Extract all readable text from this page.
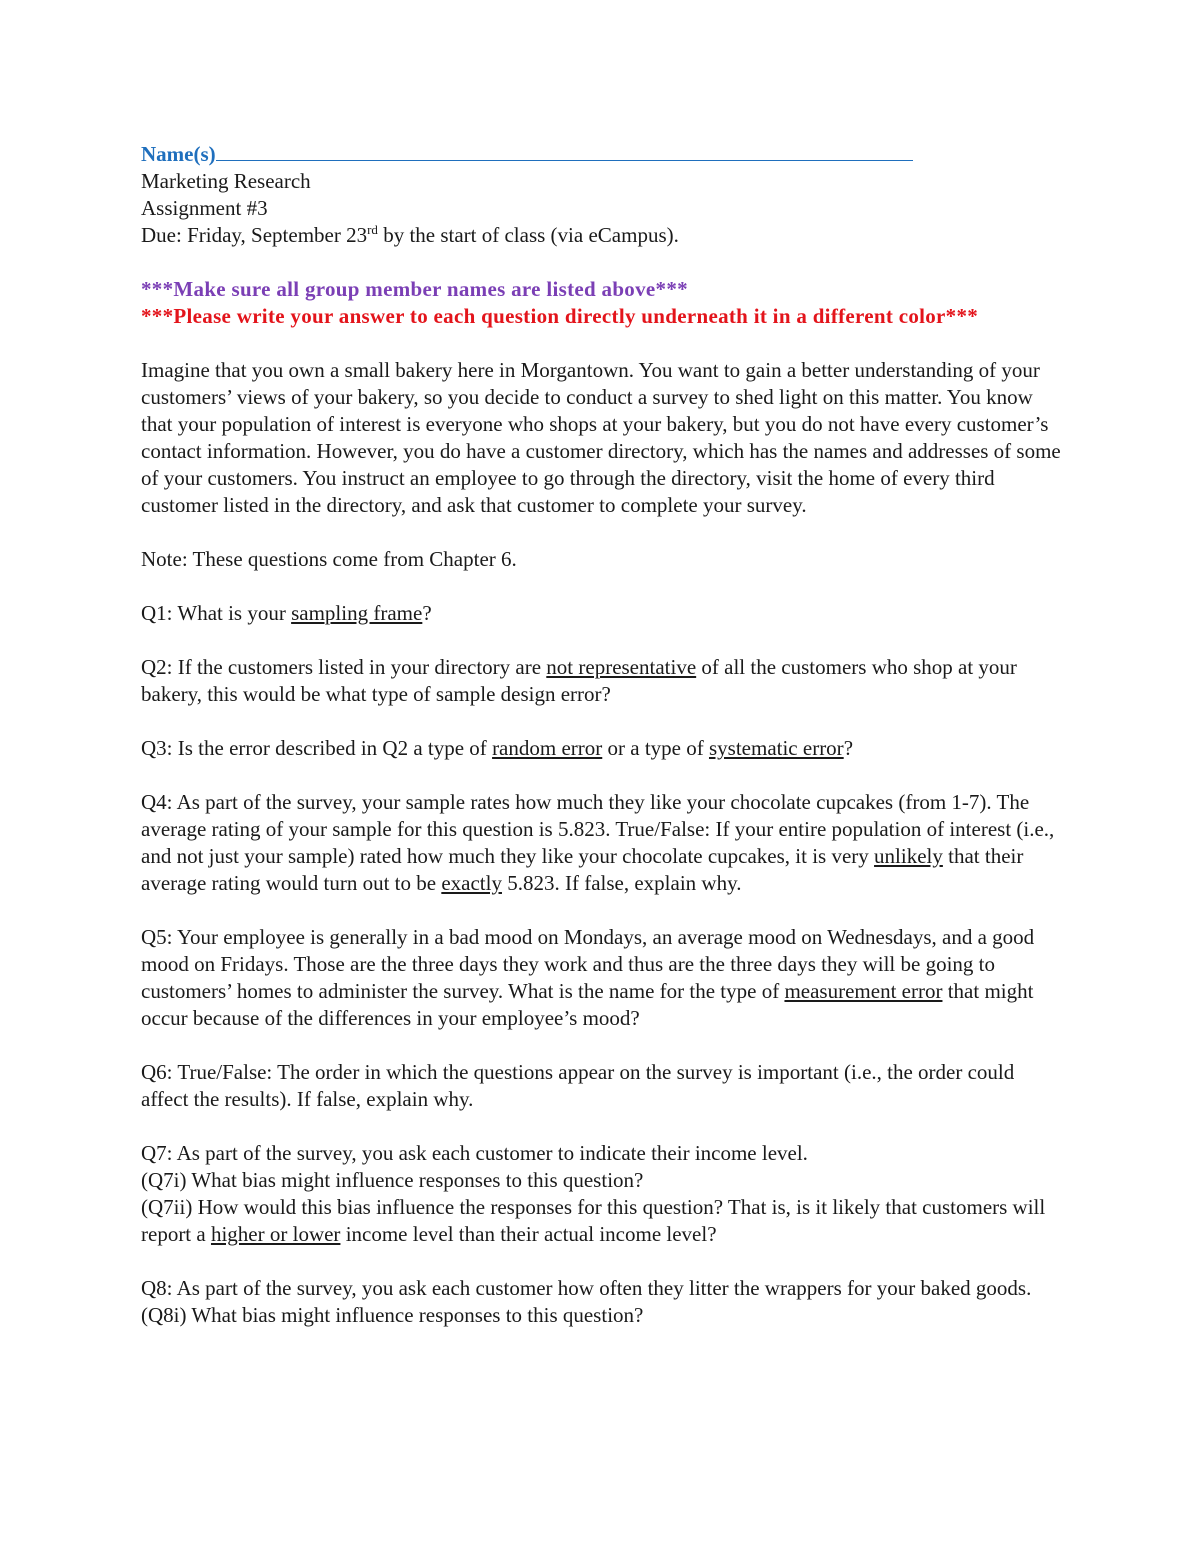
Name(s)
Marketing Research
Assignment #3
Due: Friday, September 23rd by the start of class (via eCampus).
***Make sure all group member names are listed above***
***Please write your answer to each question directly underneath it in a different color***

Imagine that you own a small bakery here in Morgantown. You want to gain a better understanding of your customers’ views of your bakery, so you decide to conduct a survey to shed light on this matter. You know that your population of interest is everyone who shops at your bakery, but you do not have every customer’s contact information. However, you do have a customer directory, which has the names and addresses of some of your customers. You instruct an employee to go through the directory, visit the home of every third customer listed in the directory, and ask that customer to complete your survey.

Note: These questions come from Chapter 6.

Q1: What is your sampling frame?

Q2: If the customers listed in your directory are not representative of all the customers who shop at your bakery, this would be what type of sample design error?

Q3: Is the error described in Q2 a type of random error or a type of systematic error?

Q4: As part of the survey, your sample rates how much they like your chocolate cupcakes (from 1-7). The average rating of your sample for this question is 5.823. True/False: If your entire population of interest (i.e., and not just your sample) rated how much they like your chocolate cupcakes, it is very unlikely that their average rating would turn out to be exactly 5.823. If false, explain why.

Q5: Your employee is generally in a bad mood on Mondays, an average mood on Wednesdays, and a good mood on Fridays. Those are the three days they work and thus are the three days they will be going to customers’ homes to administer the survey. What is the name for the type of measurement error that might occur because of the differences in your employee’s mood?

Q6: True/False: The order in which the questions appear on the survey is important (i.e., the order could affect the results). If false, explain why.

Q7: As part of the survey, you ask each customer to indicate their income level.
(Q7i) What bias might influence responses to this question?
(Q7ii) How would this bias influence the responses for this question? That is, is it likely that customers will report a higher or lower income level than their actual income level?

Q8: As part of the survey, you ask each customer how often they litter the wrappers for your baked goods.
(Q8i) What bias might influence responses to this question?
